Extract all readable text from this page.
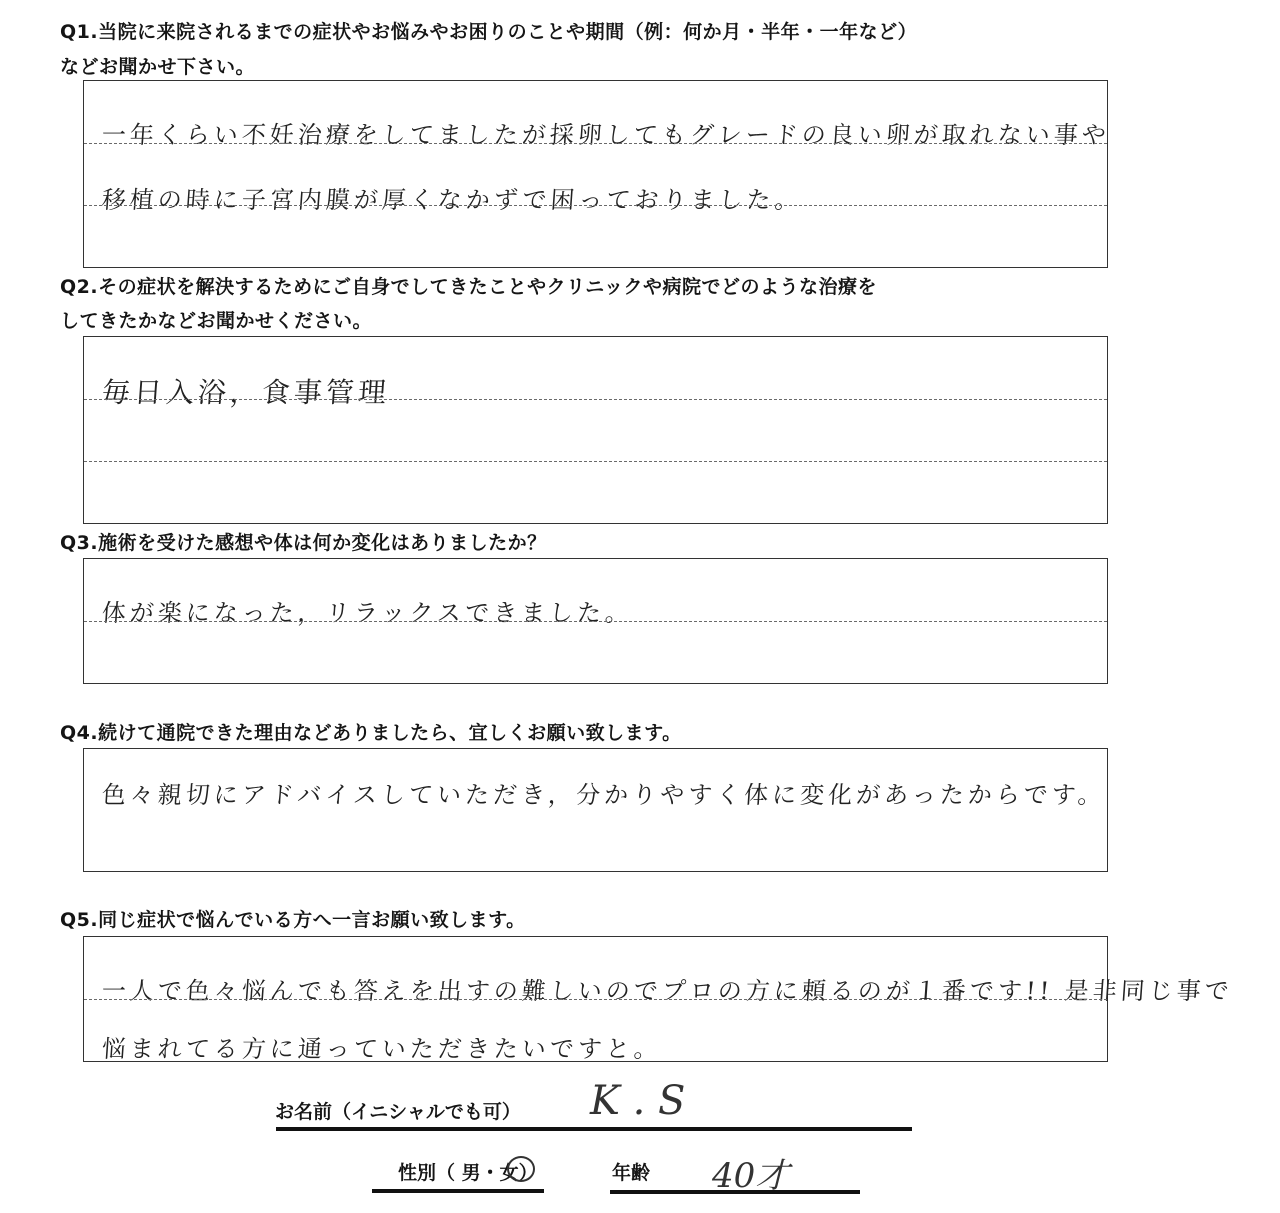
Q1.当院に来院されるまでの症状やお悩みやお困りのことや期間（例：何か月・半年・一年など）
などお聞かせ下さい。
一年くらい不妊治療をしてましたが採卵してもグレードの良い卵が取れない事や
移植の時に子宮内膜が厚くなかずで困っておりました。
Q2.その症状を解決するためにご自身でしてきたことやクリニックや病院でどのような治療を
してきたかなどお聞かせください。
毎日入浴，食事管理
Q3.施術を受けた感想や体は何か変化はありましたか？
体が楽になった，リラックスできました。
Q4.続けて通院できた理由などありましたら、宜しくお願い致します。
色々親切にアドバイスしていただき，分かりやすく体に変化があったからです。
Q5.同じ症状で悩んでいる方へ一言お願い致します。
一人で色々悩んでも答えを出すの難しいのでプロの方に頼るのが１番です!! 是非同じ事で
悩まれてる方に通っていただきたいですと。
お名前（イニシャルでも可） K . S
性別（ 男・女）	年齢 40才
